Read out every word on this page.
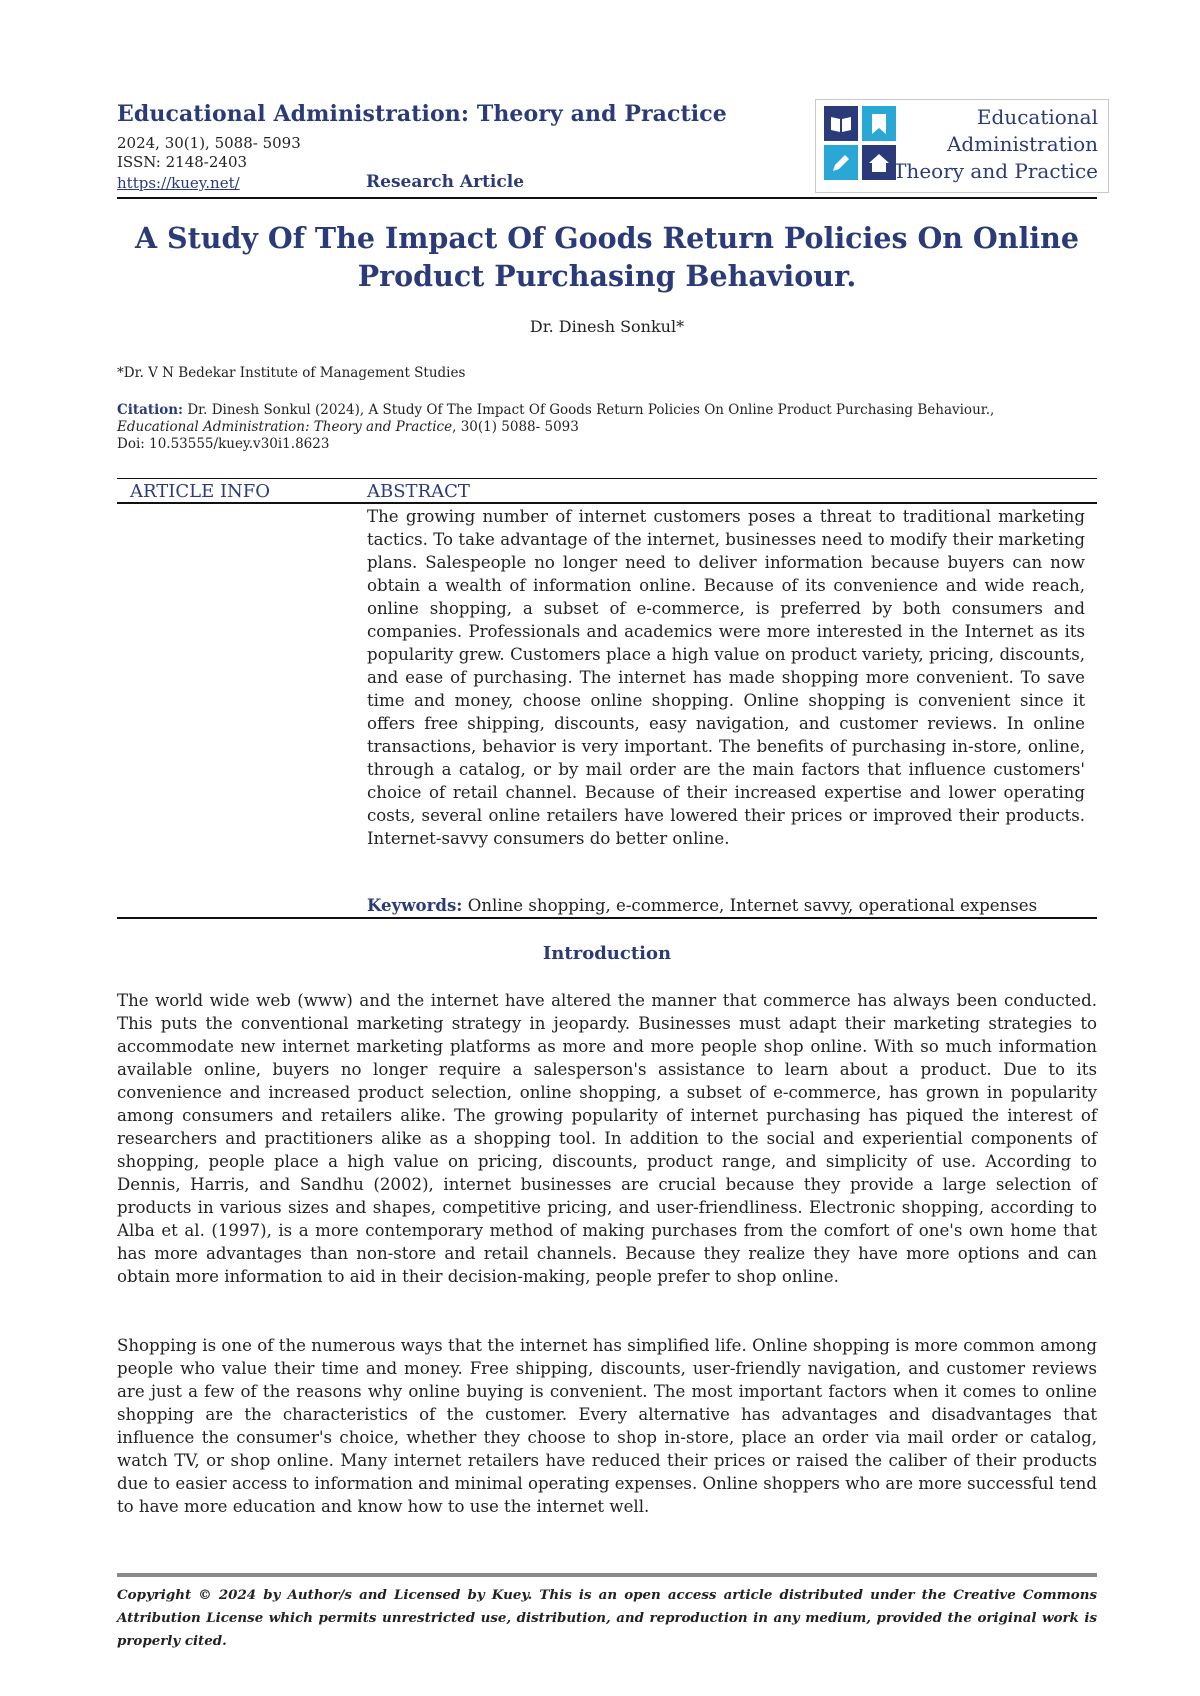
Educational Administration: Theory and Practice
2024, 30(1), 5088- 5093
ISSN: 2148-2403
https://kuey.net/	Research Article
Educational
Administration
Theory and Practice
A Study Of The Impact Of Goods Return Policies On Online Product Purchasing Behaviour.
Dr. Dinesh Sonkul*
*Dr. V N Bedekar Institute of Management Studies
Citation: Dr. Dinesh Sonkul (2024), A Study Of The Impact Of Goods Return Policies On Online Product Purchasing Behaviour.,
Educational Administration: Theory and Practice, 30(1) 5088- 5093
Doi: 10.53555/kuey.v30i1.8623
ARTICLE INFO	ABSTRACT
The growing number of internet customers poses a threat to traditional marketing tactics. To take advantage of the internet, businesses need to modify their marketing plans. Salespeople no longer need to deliver information because buyers can now obtain a wealth of information online. Because of its convenience and wide reach, online shopping, a subset of e-commerce, is preferred by both consumers and companies. Professionals and academics were more interested in the Internet as its popularity grew. Customers place a high value on product variety, pricing, discounts, and ease of purchasing. The internet has made shopping more convenient. To save time and money, choose online shopping. Online shopping is convenient since it offers free shipping, discounts, easy navigation, and customer reviews. In online transactions, behavior is very important. The benefits of purchasing in-store, online, through a catalog, or by mail order are the main factors that influence customers' choice of retail channel. Because of their increased expertise and lower operating costs, several online retailers have lowered their prices or improved their products. Internet-savvy consumers do better online.
Keywords: Online shopping, e-commerce, Internet savvy, operational expenses
Introduction
The world wide web (www) and the internet have altered the manner that commerce has always been conducted. This puts the conventional marketing strategy in jeopardy. Businesses must adapt their marketing strategies to accommodate new internet marketing platforms as more and more people shop online. With so much information available online, buyers no longer require a salesperson's assistance to learn about a product. Due to its convenience and increased product selection, online shopping, a subset of e-commerce, has grown in popularity among consumers and retailers alike. The growing popularity of internet purchasing has piqued the interest of researchers and practitioners alike as a shopping tool. In addition to the social and experiential components of shopping, people place a high value on pricing, discounts, product range, and simplicity of use. According to Dennis, Harris, and Sandhu (2002), internet businesses are crucial because they provide a large selection of products in various sizes and shapes, competitive pricing, and user-friendliness. Electronic shopping, according to Alba et al. (1997), is a more contemporary method of making purchases from the comfort of one's own home that has more advantages than non-store and retail channels. Because they realize they have more options and can obtain more information to aid in their decision-making, people prefer to shop online.
Shopping is one of the numerous ways that the internet has simplified life. Online shopping is more common among people who value their time and money. Free shipping, discounts, user-friendly navigation, and customer reviews are just a few of the reasons why online buying is convenient. The most important factors when it comes to online shopping are the characteristics of the customer. Every alternative has advantages and disadvantages that influence the consumer's choice, whether they choose to shop in-store, place an order via mail order or catalog, watch TV, or shop online. Many internet retailers have reduced their prices or raised the caliber of their products due to easier access to information and minimal operating expenses. Online shoppers who are more successful tend to have more education and know how to use the internet well.
Copyright © 2024 by Author/s and Licensed by Kuey. This is an open access article distributed under the Creative Commons Attribution License which permits unrestricted use, distribution, and reproduction in any medium, provided the original work is properly cited.
